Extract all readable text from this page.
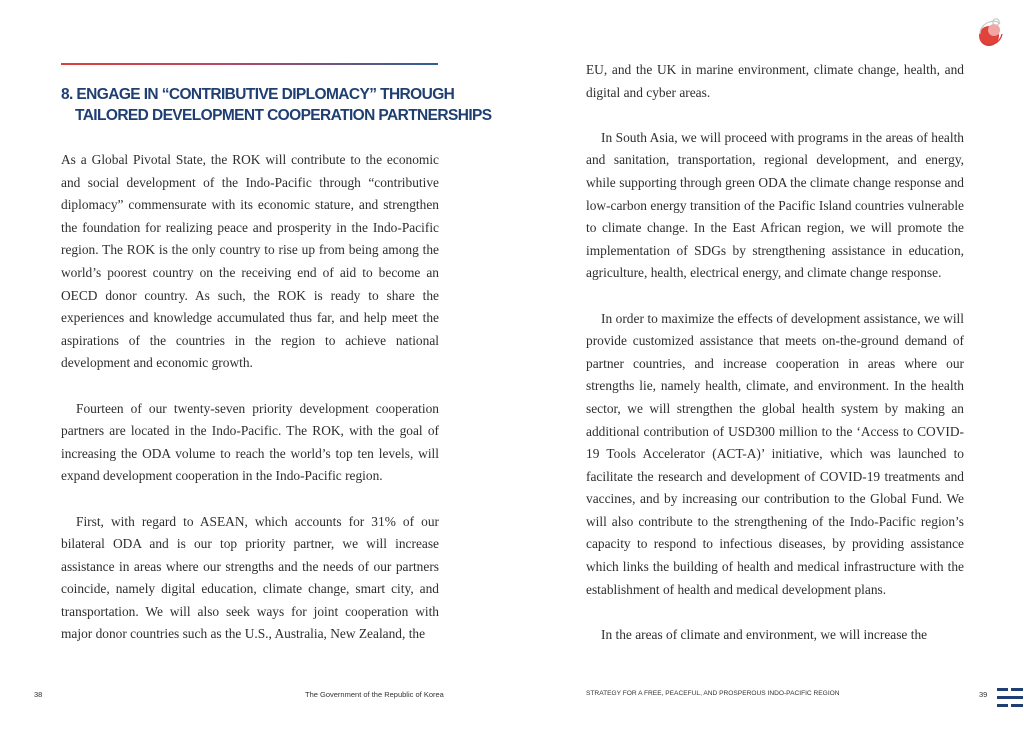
8. ENGAGE IN “CONTRIBUTIVE DIPLOMACY” THROUGH
TAILORED DEVELOPMENT COOPERATION PARTNERSHIPS

As a Global Pivotal State, the ROK will contribute to the economic and social development of the Indo-Pacific through “contributive diplomacy” commensurate with its economic stature, and strengthen the foundation for realizing peace and prosperity in the Indo-Pacific region. The ROK is the only country to rise up from being among the world’s poorest country on the receiving end of aid to become an OECD donor country. As such, the ROK is ready to share the experiences and knowledge accumulated thus far, and help meet the aspirations of the countries in the region to achieve national development and economic growth.

Fourteen of our twenty-seven priority development cooperation partners are located in the Indo-Pacific. The ROK, with the goal of increasing the ODA volume to reach the world’s top ten levels, will expand development cooperation in the Indo-Pacific region.

First, with regard to ASEAN, which accounts for 31% of our bilateral ODA and is our top priority partner, we will increase assistance in areas where our strengths and the needs of our partners coincide, namely digital education, climate change, smart city, and transportation. We will also seek ways for joint cooperation with major donor countries such as the U.S., Australia, New Zealand, the

EU, and the UK in marine environment, climate change, health, and digital and cyber areas.

In South Asia, we will proceed with programs in the areas of health and sanitation, transportation, regional development, and energy, while supporting through green ODA the climate change response and low-carbon energy transition of the Pacific Island countries vulnerable to climate change. In the East African region, we will promote the implementation of SDGs by strengthening assistance in education, agriculture, health, electrical energy, and climate change response.

In order to maximize the effects of development assistance, we will provide customized assistance that meets on-the-ground demand of partner countries, and increase cooperation in areas where our strengths lie, namely health, climate, and environment. In the health sector, we will strengthen the global health system by making an additional contribution of USD300 million to the ‘Access to COVID-19 Tools Accelerator (ACT-A)’ initiative, which was launched to facilitate the research and development of COVID-19 treatments and vaccines, and by increasing our contribution to the Global Fund. We will also contribute to the strengthening of the Indo-Pacific region’s capacity to respond to infectious diseases, by providing assistance which links the building of health and medical infrastructure with the establishment of health and medical development plans.

In the areas of climate and environment, we will increase the

38	The Government of the Republic of Korea	STRATEGY FOR A FREE, PEACEFUL, AND PROSPEROUS INDO-PACIFIC REGION	39
